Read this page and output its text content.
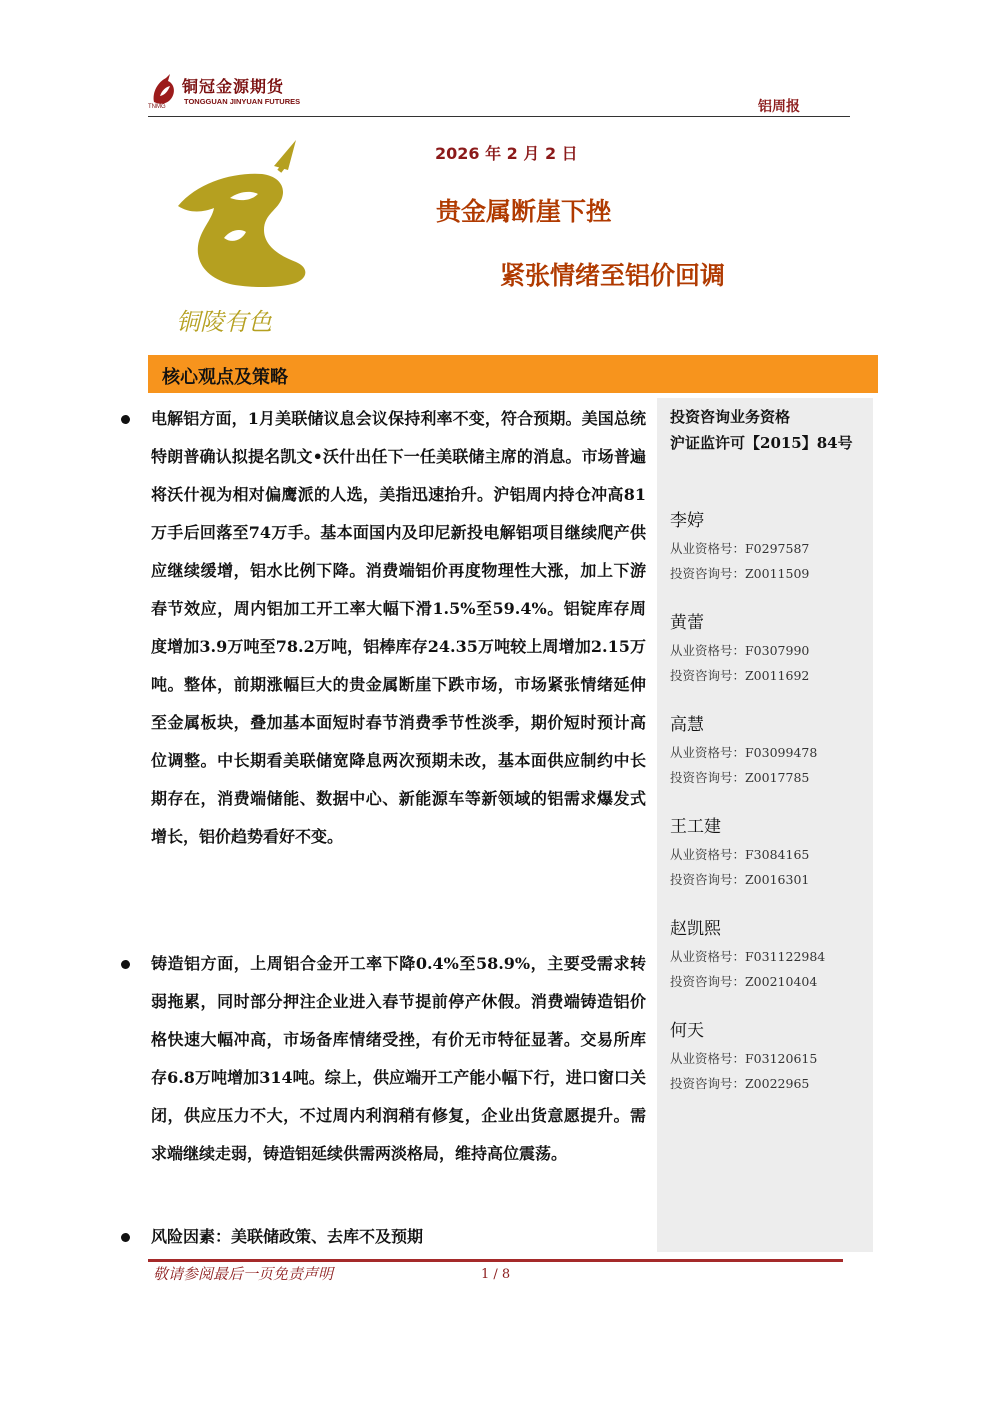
铜冠金源期货
TONGGUAN JINYUAN FUTURES
TNMG	铝周报
铜陵有色
2026 年 2 月 2 日
贵金属断崖下挫
紧张情绪至铝价回调
核心观点及策略
投资咨询业务资格
沪证监许可【2015】84号
李婷
从业资格号：F0297587
投资咨询号：Z0011509
黄蕾
从业资格号：F0307990
投资咨询号：Z0011692
高慧
从业资格号：F03099478
投资咨询号：Z0017785
王工建
从业资格号：F3084165
投资咨询号：Z0016301
赵凯熙
从业资格号：F031122984
投资咨询号：Z00210404
何天
从业资格号：F03120615
投资咨询号：Z0022965
电解铝方面，1月美联储议息会议保持利率不变，符合预期。美国总统特朗普确认拟提名凯文•沃什出任下一任美联储主席的消息。市场普遍将沃什视为相对偏鹰派的人选，美指迅速抬升。沪铝周内持仓冲高81万手后回落至74万手。基本面国内及印尼新投电解铝项目继续爬产供应继续缓增，铝水比例下降。消费端铝价再度物理性大涨，加上下游春节效应，周内铝加工开工率大幅下滑1.5%至59.4%。铝锭库存周度增加3.9万吨至78.2万吨，铝棒库存24.35万吨较上周增加2.15万吨。整体，前期涨幅巨大的贵金属断崖下跌市场，市场紧张情绪延伸至金属板块，叠加基本面短时春节消费季节性淡季，期价短时预计高位调整。中长期看美联储宽降息两次预期未改，基本面供应制约中长期存在，消费端储能、数据中心、新能源车等新领域的铝需求爆发式增长，铝价趋势看好不变。
铸造铝方面，上周铝合金开工率下降0.4%至58.9%，主要受需求转弱拖累，同时部分押注企业进入春节提前停产休假。消费端铸造铝价格快速大幅冲高，市场备库情绪受挫，有价无市特征显著。交易所库存6.8万吨增加314吨。综上，供应端开工产能小幅下行，进口窗口关闭，供应压力不大，不过周内利润稍有修复，企业出货意愿提升。需求端继续走弱，铸造铝延续供需两淡格局，维持高位震荡。
风险因素：美联储政策、去库不及预期
敬请参阅最后一页免责声明	1 / 8
